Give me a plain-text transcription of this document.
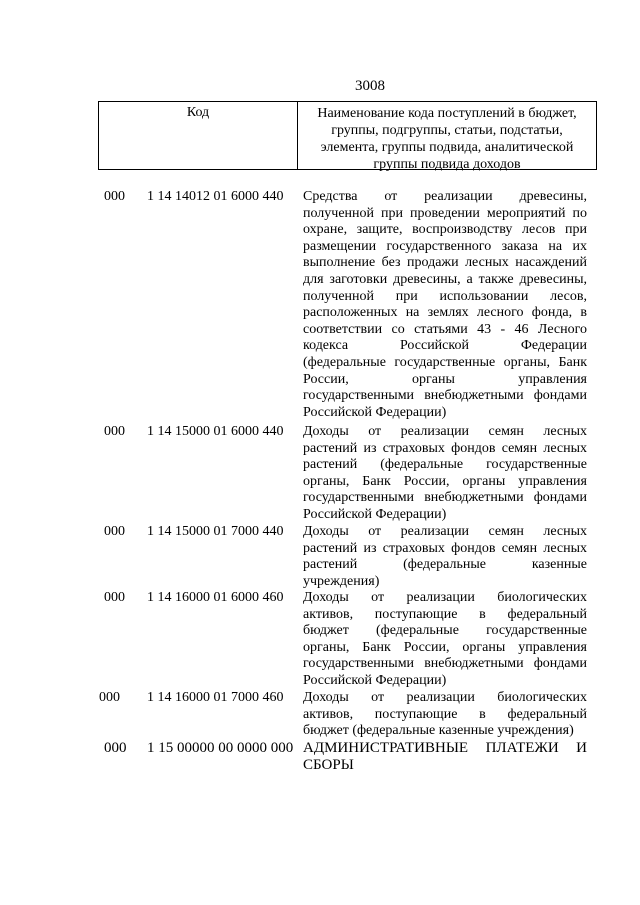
3008
Код	Наименование кода поступлений в бюджет,
группы, подгруппы, статьи, подстатьи,
элемента, группы подвида, аналитической
группы подвида доходов
000 1 14 14012 01 6000 440 Средства от реализации древесины,
полученной при проведении мероприятий по
охране, защите, воспроизводству лесов при
размещении государственного заказа на их
выполнение без продажи лесных насаждений
для заготовки древесины, а также древесины,
полученной при использовании лесов,
расположенных на землях лесного фонда, в
соответствии со статьями 43 - 46 Лесного
кодекса Российской Федерации
(федеральные государственные органы, Банк
России, органы управления
государственными внебюджетными фондами
Российской Федерации)
000 1 14 15000 01 6000 440 Доходы от реализации семян лесных
растений из страховых фондов семян лесных
растений (федеральные государственные
органы, Банк России, органы управления
государственными внебюджетными фондами
Российской Федерации)
000 1 14 15000 01 7000 440 Доходы от реализации семян лесных
растений из страховых фондов семян лесных
растений (федеральные казенные
учреждения)
000 1 14 16000 01 6000 460 Доходы от реализации биологических
активов, поступающие в федеральный
бюджет (федеральные государственные
органы, Банк России, органы управления
государственными внебюджетными фондами
Российской Федерации)
000 1 14 16000 01 7000 460 Доходы от реализации биологических
активов, поступающие в федеральный
бюджет (федеральные казенные учреждения)
000 1 15 00000 00 0000 000 АДМИНИСТРАТИВНЫЕ ПЛАТЕЖИ И
СБОРЫ
